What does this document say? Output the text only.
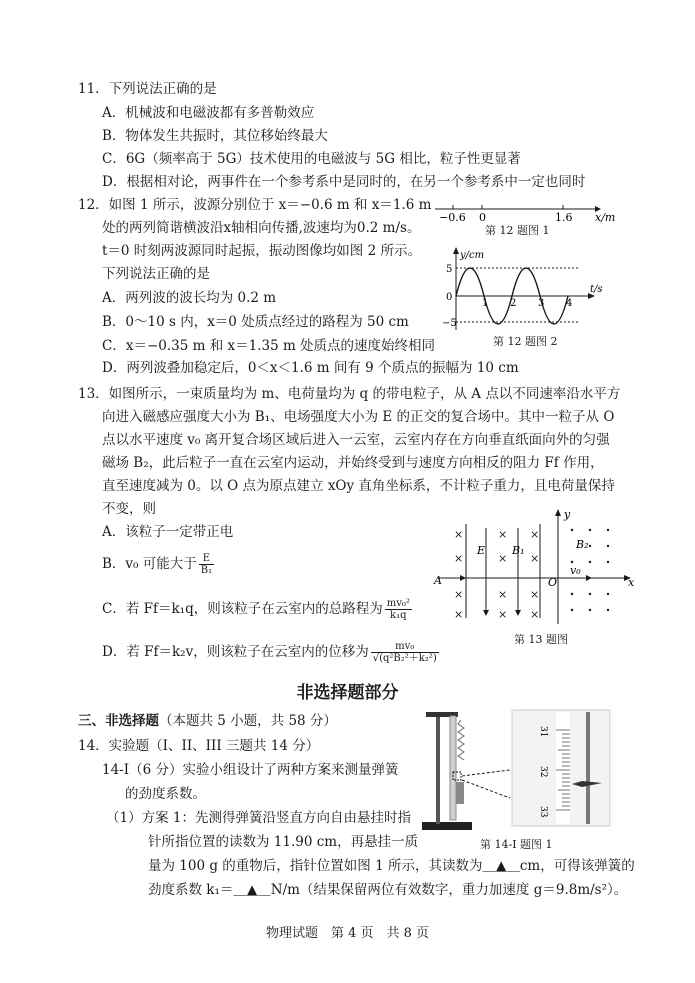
11．下列说法正确的是
A．机械波和电磁波都有多普勒效应
B．物体发生共振时，其位移始终最大
C．6G（频率高于 5G）技术使用的电磁波与 5G 相比，粒子性更显著
D．根据相对论，两事件在一个参考系中是同时的，在另一个参考系中一定也同时
12．如图 1 所示，波源分别位于 x＝−0.6 m 和 x＝1.6 m
处的两列简谐横波沿x轴相向传播,波速均为0.2 m/s。
t＝0 时刻两波源同时起振，振动图像均如图 2 所示。
下列说法正确的是
A．两列波的波长均为 0.2 m
B．0～10 s 内，x＝0 处质点经过的路程为 50 cm
C．x＝−0.35 m 和 x＝1.35 m 处质点的速度始终相同
D．两列波叠加稳定后，0＜x＜1.6 m 间有 9 个质点的振幅为 10 cm
−0.6 0	1.6 x/m
第 12 题图 1
y/cm
t/s
5
0
−5
1 2 3 4
第 12 题图 2
13．如图所示，一束质量均为 m、电荷量均为 q 的带电粒子，从 A 点以不同速率沿水平方
向进入磁感应强度大小为 B₁、电场强度大小为 E 的正交的复合场中。其中一粒子从 O
点以水平速度 v₀ 离开复合场区域后进入一云室，云室内存在方向垂直纸面向外的匀强
磁场 B₂，此后粒子一直在云室内运动，并始终受到与速度方向相反的阻力 Ff 作用，
直至速度减为 0。以 O 点为原点建立 xOy 直角坐标系，不计粒子重力，且电荷量保持
不变，则
A．该粒子一定带正电
B．v₀ 可能大于 $\frac{E}{\text{B₁}}$
C．若 Ff＝k₁q，则该粒子在云室内的总路程为 $\frac{\text{mv₀²}}{\text{k₁q}}$
D．若 Ff＝k₂v，则该粒子在云室内的位移为 $\frac{\text{mv₀}}{\text{√(q²B₂²＋k₂²)}}$
×
×
×
×
×
×
×
×
×
×
×
×
E B₁	B₂
v₀
A	O	x
y
第 13 题图
非选择题部分
三、非选择题（本题共 5 小题，共 58 分）
14．实验题（I、II、III 三题共 14 分）
14-I（6 分）实验小组设计了两种方案来测量弹簧
的劲度系数。
（1）方案 1：先测得弹簧沿竖直方向自由悬挂时指
针所指位置的读数为 11.90 cm，再悬挂一质
量为 100 g 的重物后，指针位置如图 1 所示，其读数为＿▲＿cm，可得该弹簧的
劲度系数 k₁＝＿▲＿N/m（结果保留两位有效数字，重力加速度 g＝9.8m/s²）。
31
32
33
第 14-I 题图 1
物理试题　第 4 页　共 8 页
